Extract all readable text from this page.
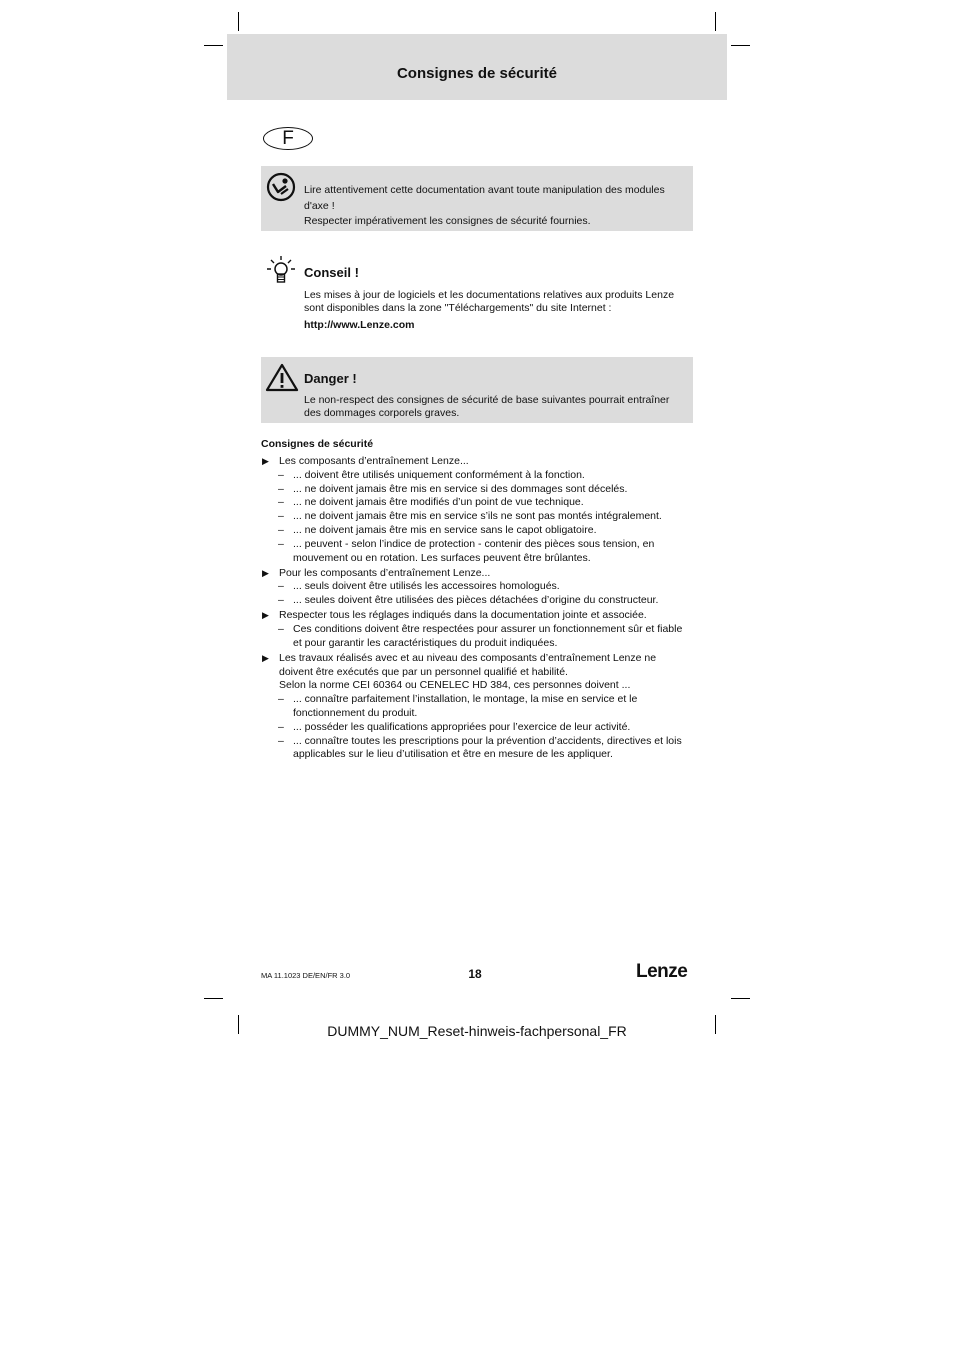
Consignes de sécurité
F
Lire attentivement cette documentation avant toute manipulation des modules d'axe !
Respecter impérativement les consignes de sécurité fournies.
Conseil !
Les mises à jour de logiciels et les documentations relatives aux produits Lenze sont disponibles dans la zone "Téléchargements" du site Internet :
http://www.Lenze.com
Danger !
Le non-respect des consignes de sécurité de base suivantes pourrait entraîner des dommages corporels graves.
Consignes de sécurité
▶ Les composants d’entraînement Lenze...
– ... doivent être utilisés uniquement conformément à la fonction.
– ... ne doivent jamais être mis en service si des dommages sont décelés.
– ... ne doivent jamais être modifiés d’un point de vue technique.
– ... ne doivent jamais être mis en service s’ils ne sont pas montés intégralement.
– ... ne doivent jamais être mis en service sans le capot obligatoire.
– ... peuvent - selon l’indice de protection - contenir des pièces sous tension, en mouvement ou en rotation. Les surfaces peuvent être brûlantes.
▶ Pour les composants d’entraînement Lenze...
– ... seuls doivent être utilisés les accessoires homologués.
– ... seules doivent être utilisées des pièces détachées d’origine du constructeur.
▶ Respecter tous les réglages indiqués dans la documentation jointe et associée.
– Ces conditions doivent être respectées pour assurer un fonctionnement sûr et fiable et pour garantir les caractéristiques du produit indiquées.
▶ Les travaux réalisés avec et au niveau des composants d’entraînement Lenze ne doivent être exécutés que par un personnel qualifié et habilité.
Selon la norme CEI 60364 ou CENELEC HD 384, ces personnes doivent ...
– ... connaître parfaitement l’installation, le montage, la mise en service et le fonctionnement du produit.
– ... posséder les qualifications appropriées pour l’exercice de leur activité.
– ... connaître toutes les prescriptions pour la prévention d’accidents, directives et lois applicables sur le lieu d’utilisation et être en mesure de les appliquer.
MA 11.1023 DE/EN/FR 3.0	18	Lenze
DUMMY_NUM_Reset-hinweis-fachpersonal_FR
